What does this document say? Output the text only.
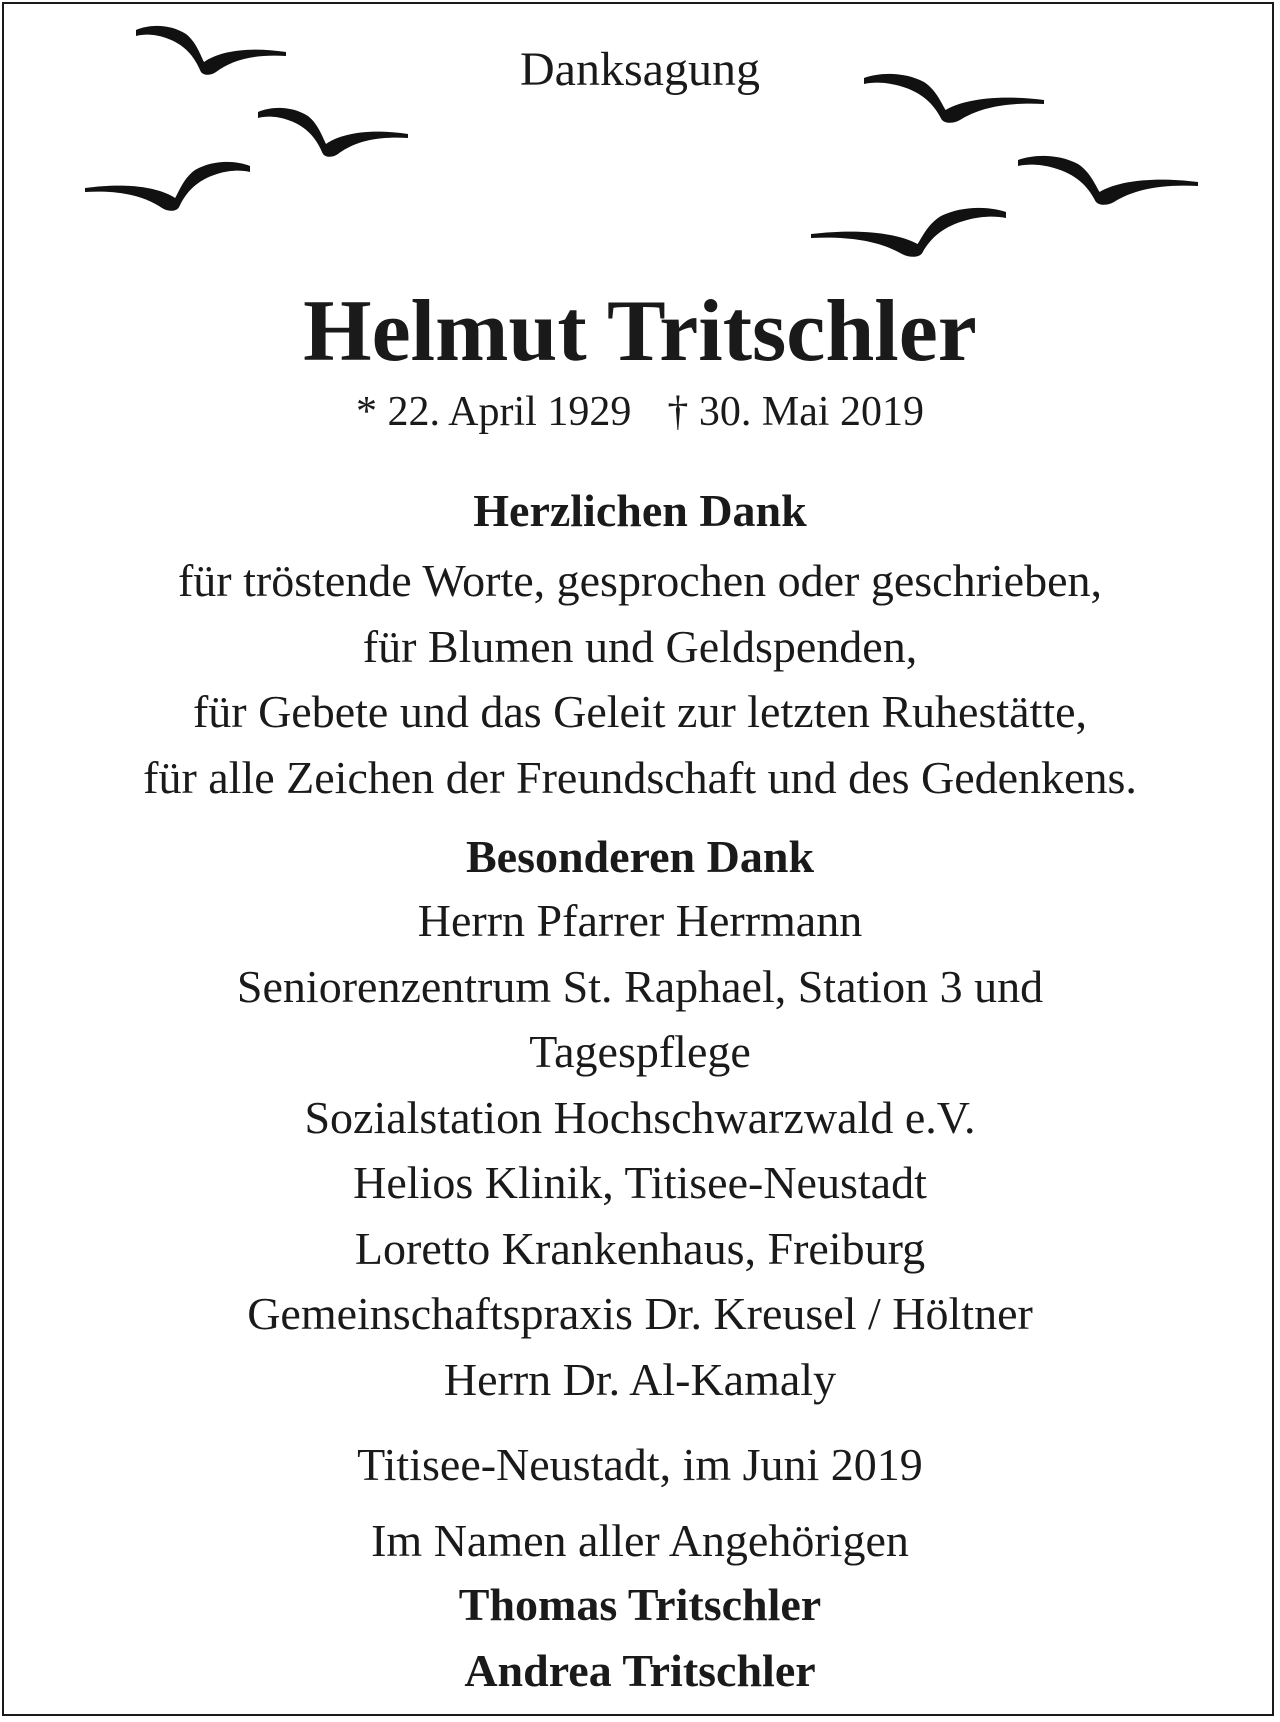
Danksagung
Helmut Tritschler
* 22. April 1929 † 30. Mai 2019
Herzlichen Dank
für tröstende Worte, gesprochen oder geschrieben,
für Blumen und Geldspenden,
für Gebete und das Geleit zur letzten Ruhestätte,
für alle Zeichen der Freundschaft und des Gedenkens.
Besonderen Dank
Herrn Pfarrer Herrmann
Seniorenzentrum St. Raphael, Station 3 und
Tagespflege
Sozialstation Hochschwarzwald e.V.
Helios Klinik, Titisee-Neustadt
Loretto Krankenhaus, Freiburg
Gemeinschaftspraxis Dr. Kreusel / Höltner
Herrn Dr. Al-Kamaly
Titisee-Neustadt, im Juni 2019
Im Namen aller Angehörigen
Thomas Tritschler
Andrea Tritschler
